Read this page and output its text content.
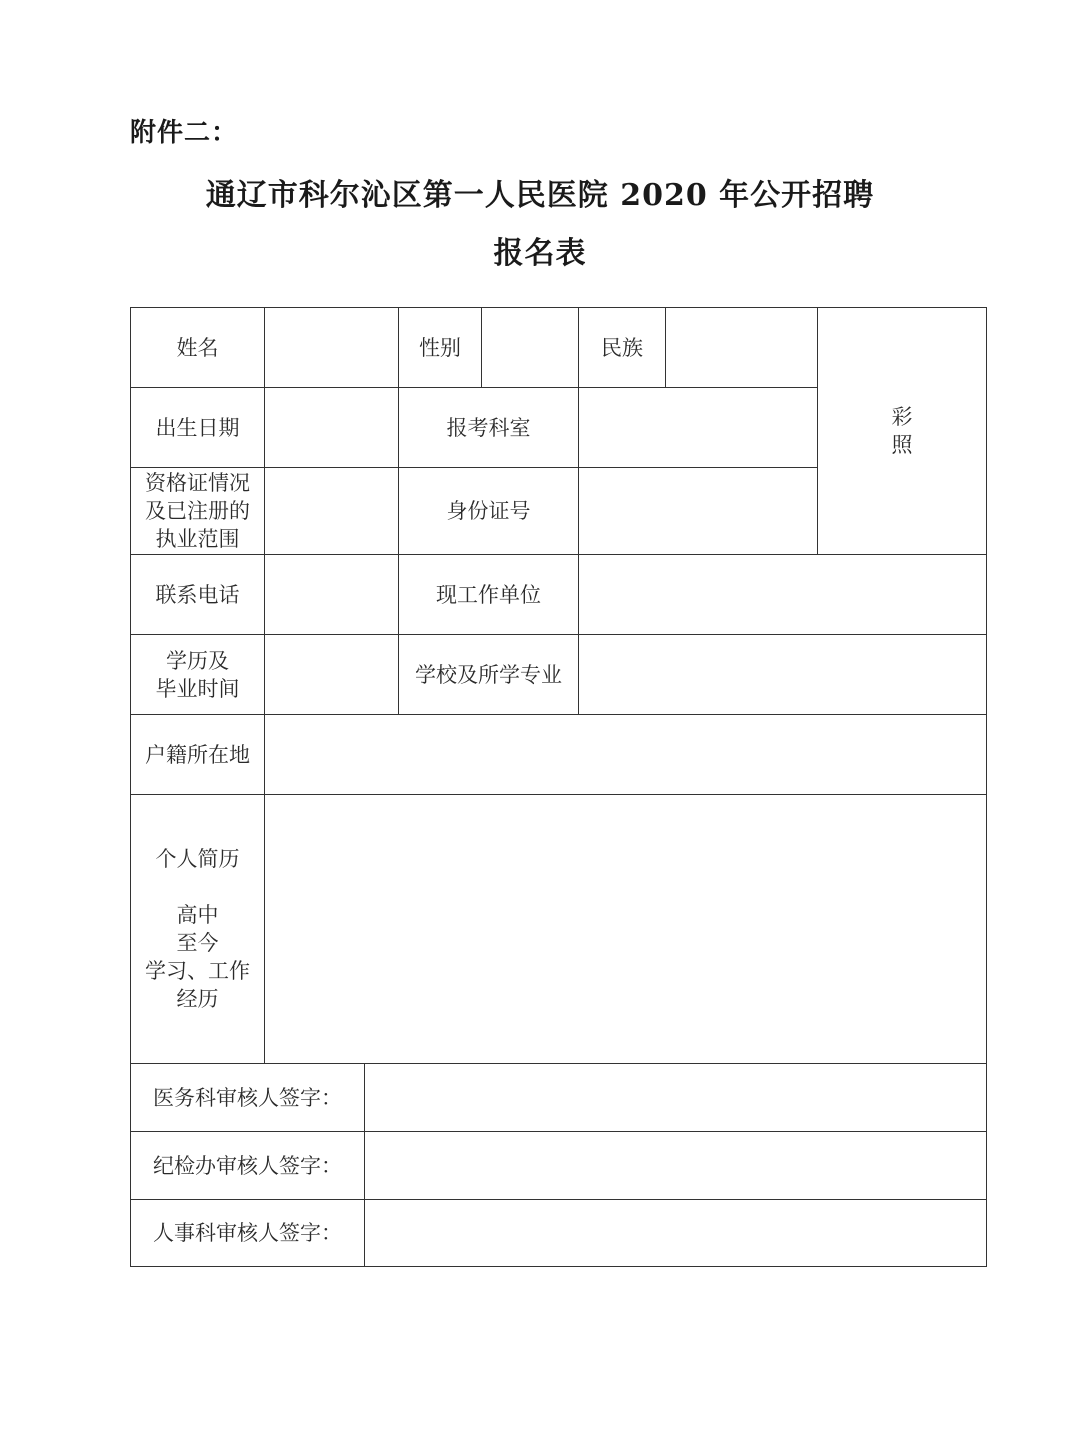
附件二：
通辽市科尔沁区第一人民医院 2020 年公开招聘
报名表
姓名			性别		民族		彩
照
出生日期			报考科室				
资格证情况
及已注册的
执业范围			身份证号				
联系电话			现工作单位				
学历及
毕业时间			学校及所学专业				
户籍所在地							
个人简历

高中
至今
学习、工作
经历							
医务科审核人签字：							
纪检办审核人签字：							
人事科审核人签字：							
